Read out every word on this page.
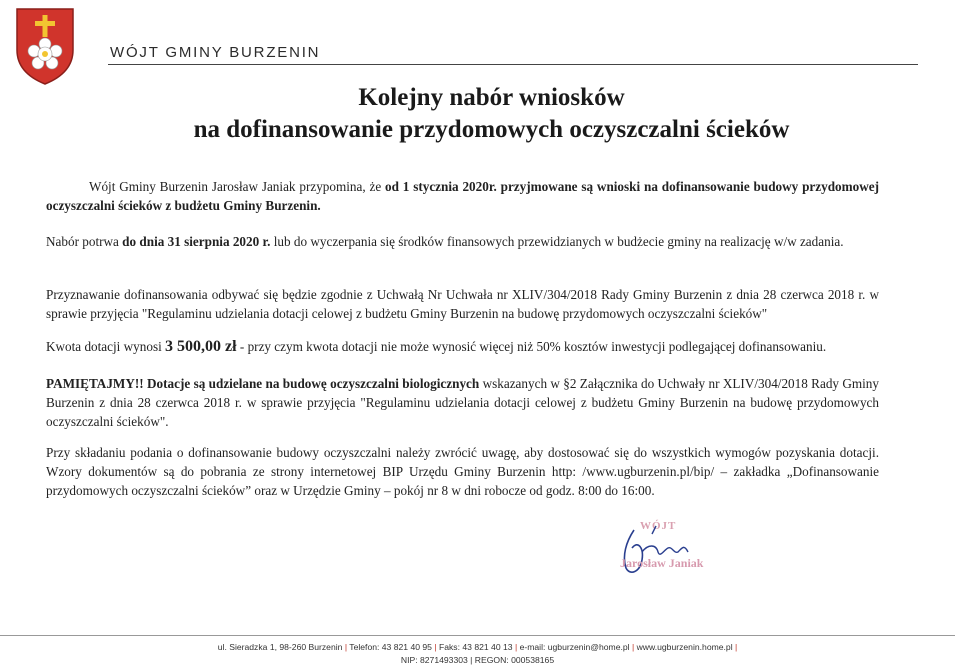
WÓJT GMINY BURZENIN
Kolejny nabór wniosków
na dofinansowanie przydomowych oczyszczalni ścieków
Wójt Gminy Burzenin Jarosław Janiak przypomina, że od 1 stycznia 2020r. przyjmowane są wnioski na dofinansowanie budowy przydomowej oczyszczalni ścieków z budżetu Gminy Burzenin.
Nabór potrwa do dnia 31 sierpnia 2020 r. lub do wyczerpania się środków finansowych przewidzianych w budżecie gminy na realizację w/w zadania.
Przyznawanie dofinansowania odbywać się będzie zgodnie z Uchwałą Nr Uchwała nr XLIV/304/2018 Rady Gminy Burzenin z dnia 28 czerwca 2018 r. w sprawie przyjęcia "Regulaminu udzielania dotacji celowej z budżetu Gminy Burzenin na budowę przydomowych oczyszczalni ścieków"
Kwota dotacji wynosi 3 500,00 zł - przy czym kwota dotacji nie może wynosić więcej niż 50% kosztów inwestycji podlegającej dofinansowaniu.
PAMIĘTAJMY!! Dotacje są udzielane na budowę oczyszczalni biologicznych wskazanych w §2 Załącznika do Uchwały nr XLIV/304/2018 Rady Gminy Burzenin z dnia 28 czerwca 2018 r. w sprawie przyjęcia "Regulaminu udzielania dotacji celowej z budżetu Gminy Burzenin na budowę przydomowych oczyszczalni ścieków".
Przy składaniu podania o dofinansowanie budowy oczyszczalni należy zwrócić uwagę, aby dostosować się do wszystkich wymogów pozyskania dotacji. Wzory dokumentów są do pobrania ze strony internetowej BIP Urzędu Gminy Burzenin http: /www.ugburzenin.pl/bip/ – zakładka „Dofinansowanie przydomowych oczyszczalni ścieków” oraz w Urzędzie Gminy – pokój nr 8 w dni robocze od godz. 8:00 do 16:00.
WÓJT
Jarosław Janiak
ul. Sieradzka 1, 98-260 Burzenin | Telefon: 43 821 40 95 | Faks: 43 821 40 13 | e-mail: ugburzenin@home.pl | www.ugburzenin.home.pl |
NIP: 8271493303 | REGON: 000538165
